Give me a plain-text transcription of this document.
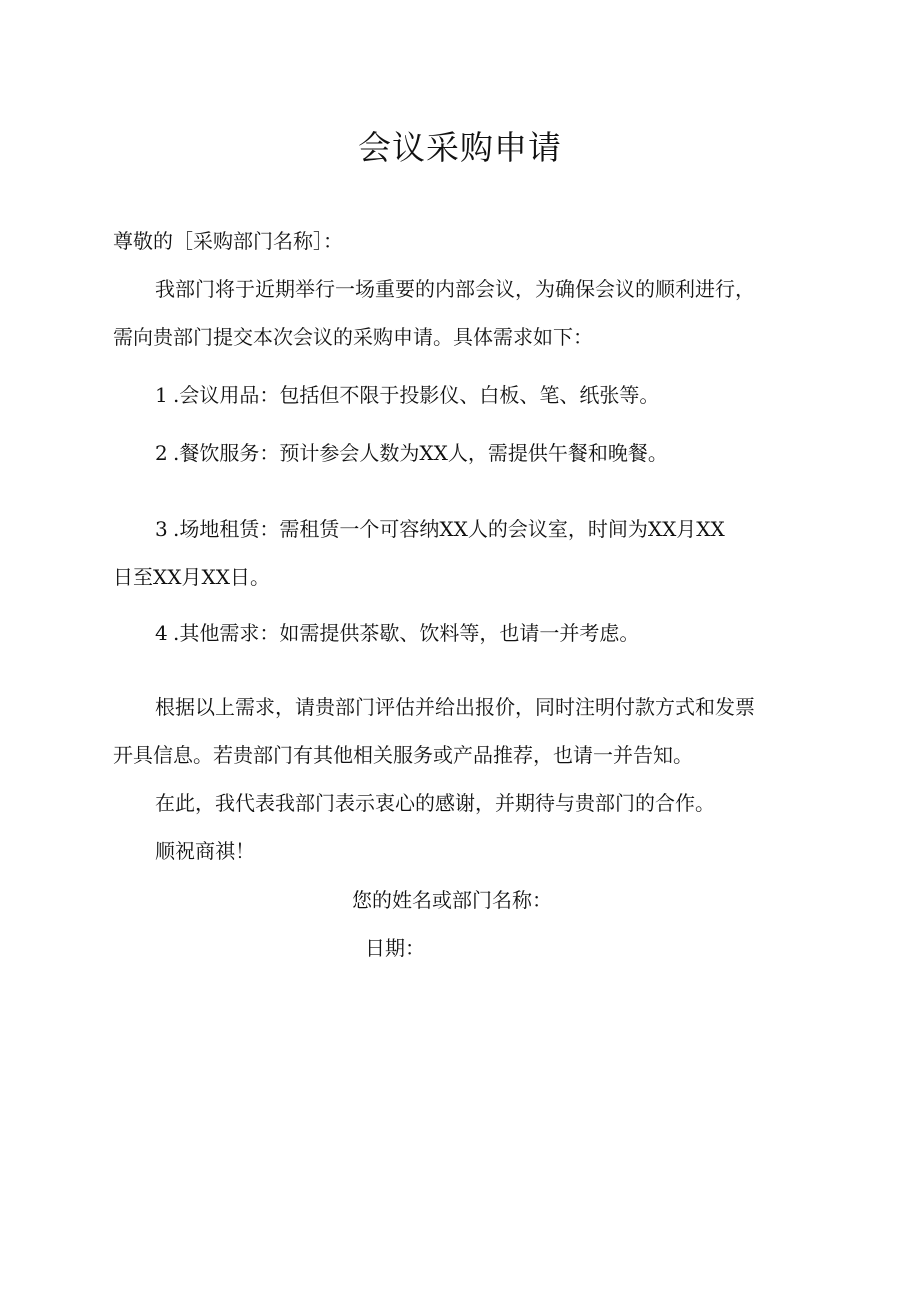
会议采购申请

尊敬的［采购部门名称］：

我部门将于近期举行一场重要的内部会议，为确保会议的顺利进行，

需向贵部门提交本次会议的采购申请。具体需求如下：

1 .会议用品：包括但不限于投影仪、白板、笔、纸张等。

2 .餐饮服务：预计参会人数为XX人，需提供午餐和晚餐。

3 .场地租赁：需租赁一个可容纳XX人的会议室，时间为XX月XX

日至XX月XX日。

4 .其他需求：如需提供茶歇、饮料等，也请一并考虑。

根据以上需求，请贵部门评估并给出报价，同时注明付款方式和发票

开具信息。若贵部门有其他相关服务或产品推荐，也请一并告知。

在此，我代表我部门表示衷心的感谢，并期待与贵部门的合作。

顺祝商祺！

您的姓名或部门名称：
日期：
